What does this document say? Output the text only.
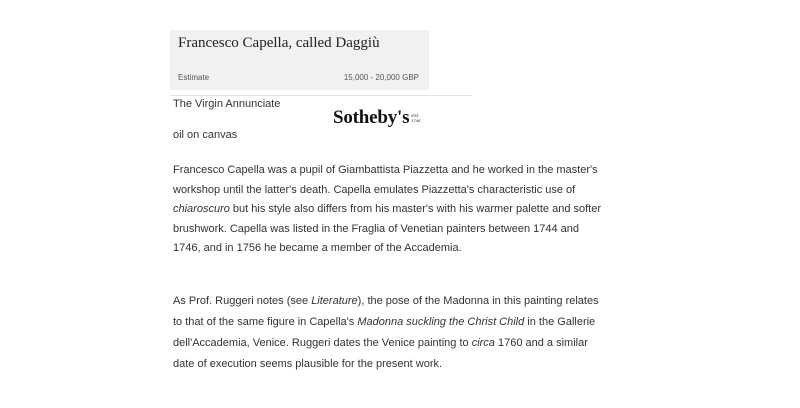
Francesco Capella, called Daggiù
Estimate	15,000 - 20,000 GBP
The Virgin Annunciate
Sotheby's EST 1744
oil on canvas

Francesco Capella was a pupil of Giambattista Piazzetta and he worked in the master's workshop until the latter's death. Capella emulates Piazzetta's characteristic use of chiaroscuro but his style also differs from his master's with his warmer palette and softer brushwork. Capella was listed in the Fraglia of Venetian painters between 1744 and 1746, and in 1756 he became a member of the Accademia.

As Prof. Ruggeri notes (see Literature), the pose of the Madonna in this painting relates to that of the same figure in Capella's Madonna suckling the Christ Child in the Gallerie dell'Accademia, Venice. Ruggeri dates the Venice painting to circa 1760 and a similar date of execution seems plausible for the present work.
